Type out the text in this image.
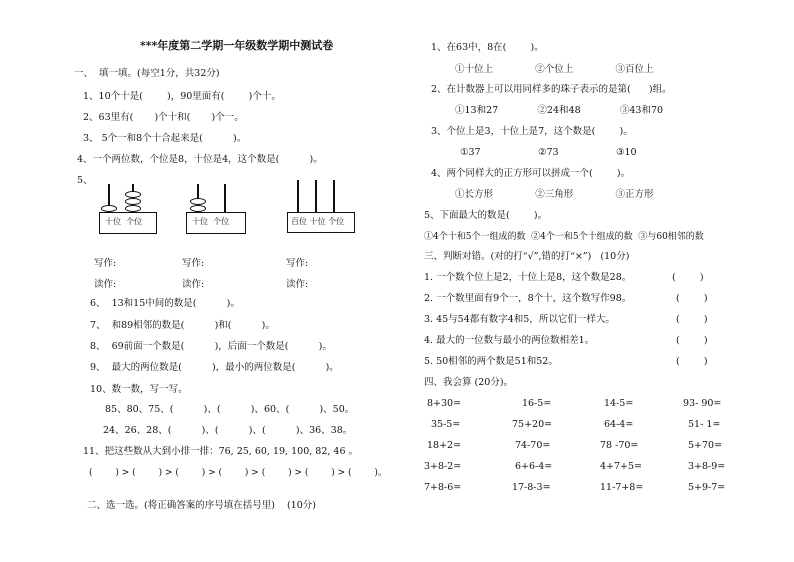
***年度第二学期一年级数学期中测试卷
一、  填一填。(每空1分，共32分)
1、10个十是(        )，90里面有(        )个十。
2、63里有(       )个十和(       )个一。
3、 5个一和8个十合起来是(          )。
4、一个两位数，个位是8，十位是4，这个数是(          )。
5、
十位  个位	十位  个位	百位 十位 个位
写作:	写作:	写作:
读作:	读作:	读作:
6、  13和15中间的数是(          )。
7、  和89相邻的数是(          )和(          )。
8、  69前面一个数是(          )，后面一个数是(          )。
9、  最大的两位数是(          )，最小的两位数是(          )。
10、数一数，写一写。
85、80、75、(          )、(          )、60、(          )、50。
24、26、28、(          )、(          )、(          )、36、38。
11、把这些数从大到小排一排：76, 25, 60, 19, 100, 82, 46 。
(        ) > (        ) > (        ) > (        ) > (        ) > (        ) > (        )。
二、选一选。(将正确答案的序号填在括号里)    (10分)
1、在63中，8在(        )。
①十位上              ②个位上              ③百位上
2、在计数器上可以用同样多的珠子表示的是第(      )组。
①13和27             ②24和48             ③43和70
3、个位上是3，十位上是7，这个数是(        )。
①37                   ②73                   ③10
4、两个同样大的正方形可以拼成一个(        )。
①长方形              ②三角形              ③正方形
5、下面最大的数是(        )。
①4个十和5个一组成的数  ②4个一和5个十组成的数  ③与60相邻的数
三、判断对错。(对的打“√”,错的打“×”)   (10分)
1. 一个数个位上是2，十位上是8，这个数是28。	(        )
2. 一个数里面有9个一，8个十，这个数写作98。	(        )
3. 45与54都有数字4和5，所以它们一样大。	(        )
4. 最大的一位数与最小的两位数相差1。	(        )
5. 50相邻的两个数是51和52。	(        )
四、我会算 (20分)。
8+30=	16-5=	14-5=	93- 90=
35-5=	75+20=	64-4=	51- 1=
18+2=	74-70=	78 -70=	5+70=
3+8-2=	6+6-4=	4+7+5=	3+8-9=
7+8-6=	17-8-3=	11-7+8=	5+9-7=
